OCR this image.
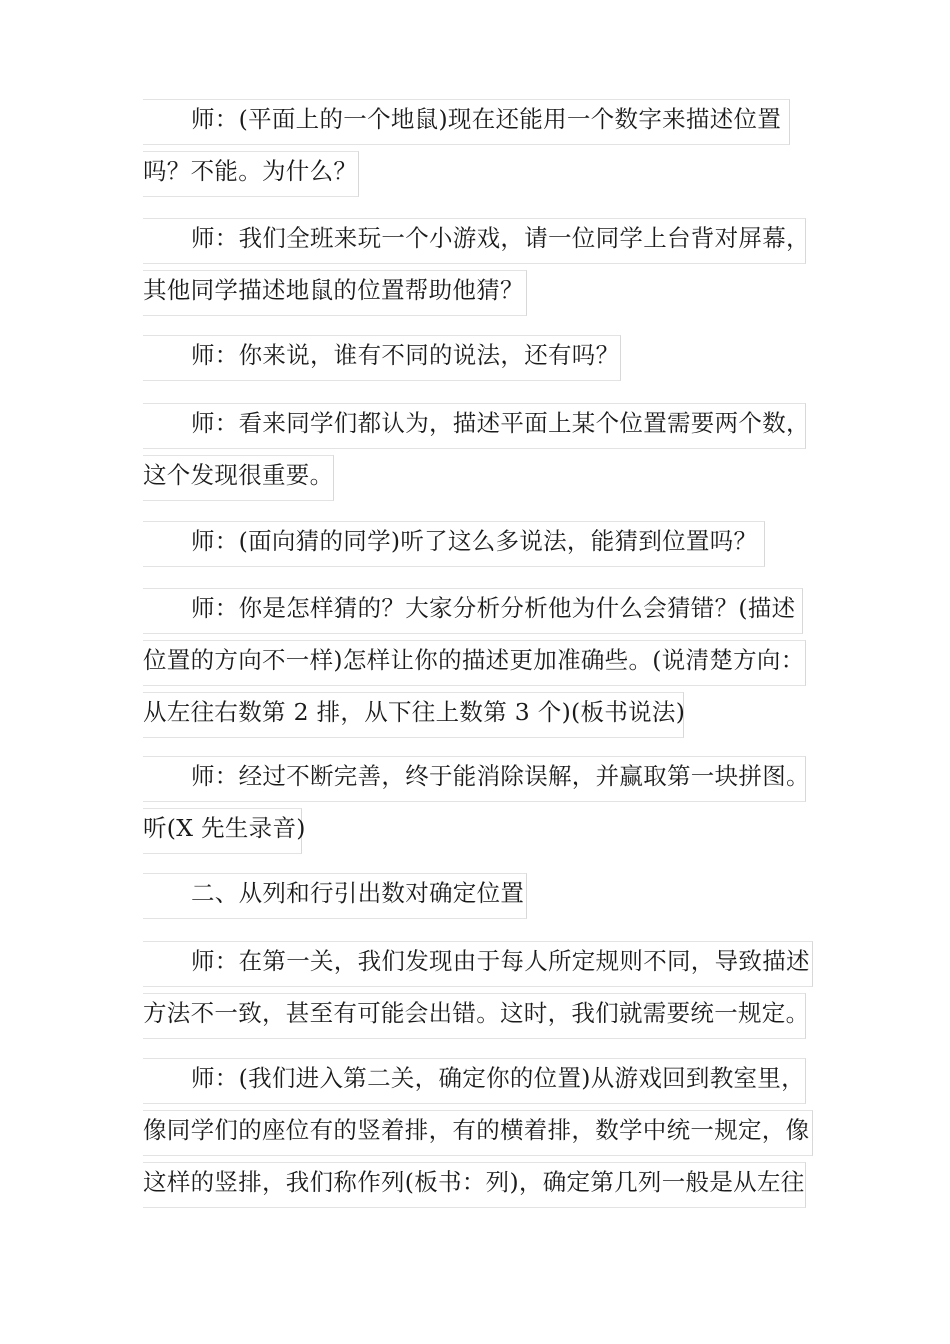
师：(平面上的一个地鼠)现在还能用一个数字来描述位置
吗？不能。为什么？
师：我们全班来玩一个小游戏，请一位同学上台背对屏幕，
其他同学描述地鼠的位置帮助他猜？
师：你来说，谁有不同的说法，还有吗？
师：看来同学们都认为，描述平面上某个位置需要两个数，
这个发现很重要。
师：(面向猜的同学)听了这么多说法，能猜到位置吗？
师：你是怎样猜的？大家分析分析他为什么会猜错？(描述
位置的方向不一样)怎样让你的描述更加准确些。(说清楚方向：
从左往右数第 2 排，从下往上数第 3 个)(板书说法)
师：经过不断完善，终于能消除误解，并赢取第一块拼图。
听(X 先生录音)
二、从列和行引出数对确定位置
师：在第一关，我们发现由于每人所定规则不同，导致描述
方法不一致，甚至有可能会出错。这时，我们就需要统一规定。
师：(我们进入第二关，确定你的位置)从游戏回到教室里，
像同学们的座位有的竖着排，有的横着排，数学中统一规定，像
这样的竖排，我们称作列(板书：列)，确定第几列一般是从左往
